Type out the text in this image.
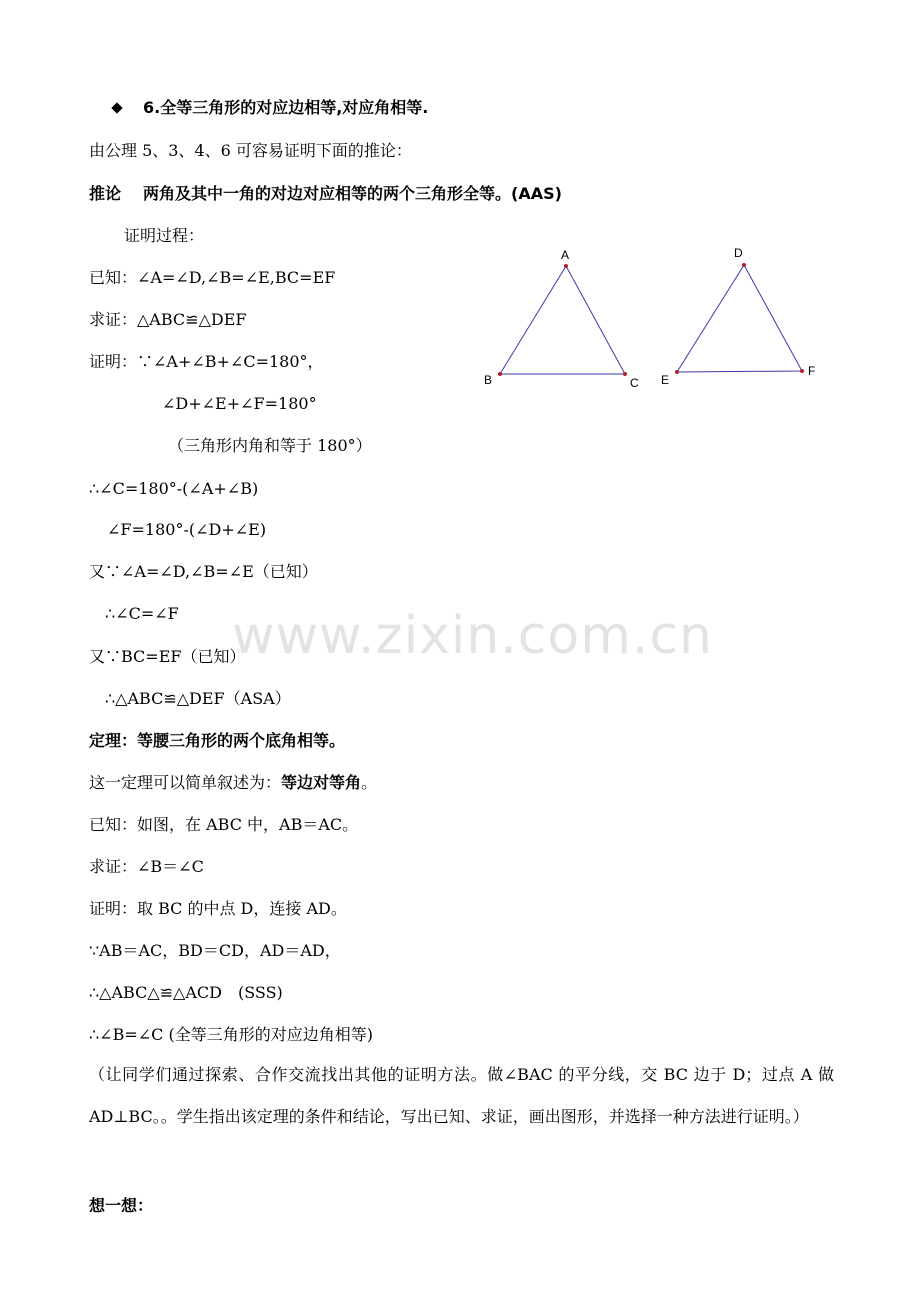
6.全等三角形的对应边相等,对应角相等.
由公理 5、3、4、6 可容易证明下面的推论：
推论 两角及其中一角的对边对应相等的两个三角形全等。(AAS)
证明过程：
已知：∠A=∠D,∠B=∠E,BC=EF
求证：△ABC≌△DEF
证明：∵∠A+∠B+∠C=180°，
∠D+∠E+∠F=180°
（三角形内角和等于 180°）
∴∠C=180°-(∠A+∠B)
∠F=180°-(∠D+∠E)
又∵∠A=∠D,∠B=∠E（已知）
∴∠C=∠F
又∵BC=EF（已知）
∴△ABC≌△DEF（ASA）
定理：等腰三角形的两个底角相等。
这一定理可以简单叙述为：等边对等角。
已知：如图，在 ABC 中，AB＝AC。
求证：∠B＝∠C
证明：取 BC 的中点 D，连接 AD。
∵AB＝AC，BD＝CD，AD＝AD，
∴△ABC△≌△ACD　(SSS)
∴∠B=∠C (全等三角形的对应边角相等)
（让同学们通过探索、合作交流找出其他的证明方法。做∠BAC 的平分线，交 BC 边于 D；过点 A 做 AD⊥BC。。学生指出该定理的条件和结论，写出已知、求证，画出图形，并选择一种方法进行证明。）
想一想：
www.zixin.com.cn
A
B	C
D
E
F
